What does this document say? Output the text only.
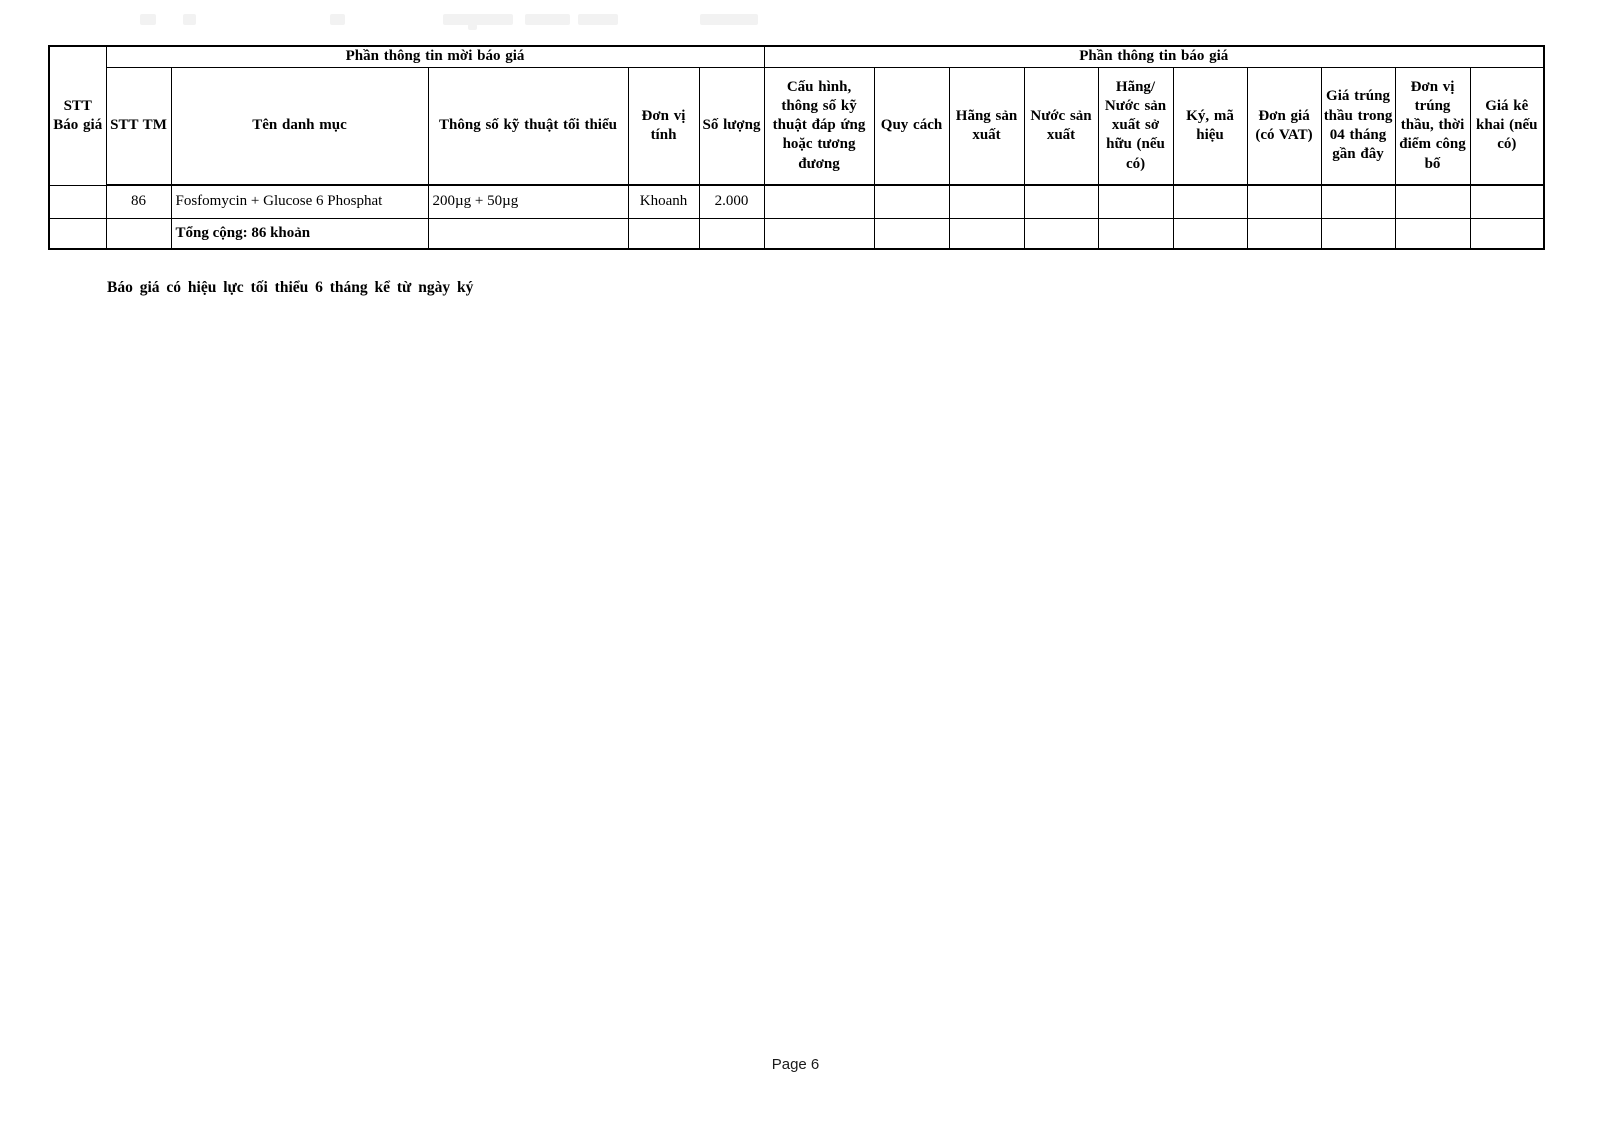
STT Báo giá	Phần thông tin mời báo giá					Phần thông tin báo giá									
	STT TM	Tên danh mục	Thông số kỹ thuật tối thiểu	Đơn vị tính	Số lượng	Cấu hình, thông số kỹ thuật đáp ứng hoặc tương đương	Quy cách	Hãng sản xuất	Nước sản xuất	Hãng/ Nước sản xuất sở hữu (nếu có)	Ký, mã hiệu	Đơn giá (có VAT)	Giá trúng thầu trong 04 tháng gần đây	Đơn vị trúng thầu, thời điểm công bố	Giá kê khai (nếu có)
	86	Fosfomycin + Glucose 6 Phosphat	200µg + 50µg	Khoanh	2.000										
		Tổng cộng: 86 khoản													
Báo giá có hiệu lực tối thiểu 6 tháng kể từ ngày ký
Page 6
